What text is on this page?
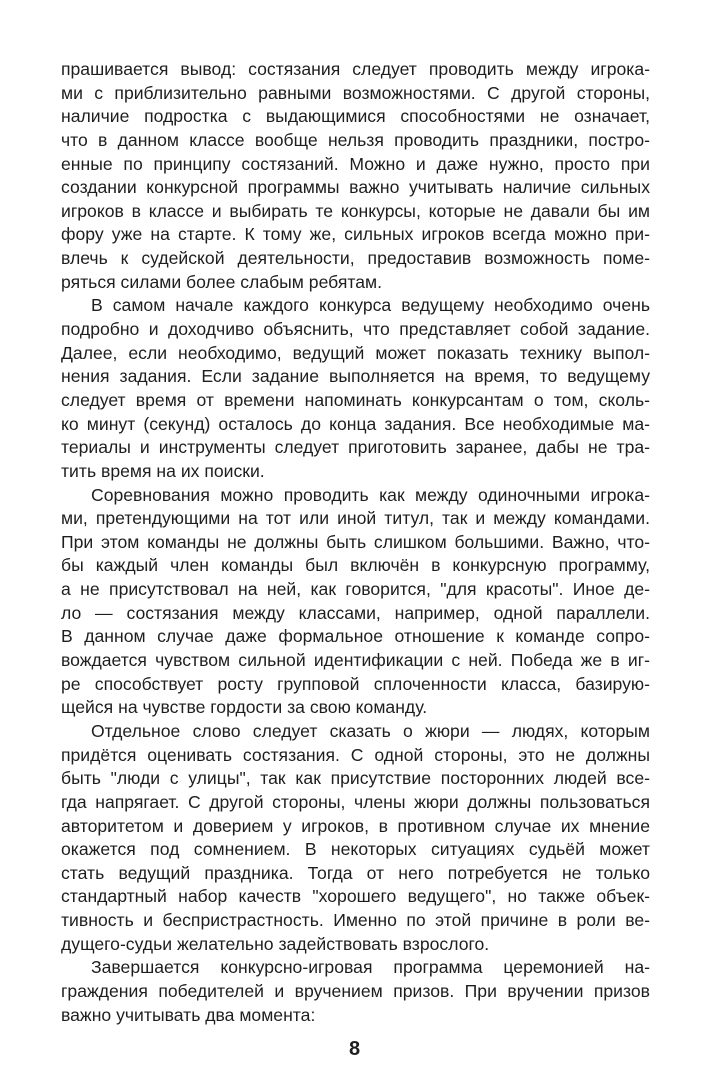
прашивается вывод: состязания следует проводить между игрока-
ми с приблизительно равными возможностями. С другой стороны,
наличие подростка с выдающимися способностями не означает,
что в данном классе вообще нельзя проводить праздники, постро-
енные по принципу состязаний. Можно и даже нужно, просто при
создании конкурсной программы важно учитывать наличие сильных
игроков в классе и выбирать те конкурсы, которые не давали бы им
фору уже на старте. К тому же, сильных игроков всегда можно при-
влечь к судейской деятельности, предоставив возможность поме-
ряться силами более слабым ребятам.
В самом начале каждого конкурса ведущему необходимо очень
подробно и доходчиво объяснить, что представляет собой задание.
Далее, если необходимо, ведущий может показать технику выпол-
нения задания. Если задание выполняется на время, то ведущему
следует время от времени напоминать конкурсантам о том, сколь-
ко минут (секунд) осталось до конца задания. Все необходимые ма-
териалы и инструменты следует приготовить заранее, дабы не тра-
тить время на их поиски.
Соревнования можно проводить как между одиночными игрока-
ми, претендующими на тот или иной титул, так и между командами.
При этом команды не должны быть слишком большими. Важно, что-
бы каждый член команды был включён в конкурсную программу,
а не присутствовал на ней, как говорится, "для красоты". Иное де-
ло — состязания между классами, например, одной параллели.
В данном случае даже формальное отношение к команде сопро-
вождается чувством сильной идентификации с ней. Победа же в иг-
ре способствует росту групповой сплоченности класса, базирую-
щейся на чувстве гордости за свою команду.
Отдельное слово следует сказать о жюри — людях, которым
придётся оценивать состязания. С одной стороны, это не должны
быть "люди с улицы", так как присутствие посторонних людей все-
гда напрягает. С другой стороны, члены жюри должны пользоваться
авторитетом и доверием у игроков, в противном случае их мнение
окажется под сомнением. В некоторых ситуациях судьёй может
стать ведущий праздника. Тогда от него потребуется не только
стандартный набор качеств "хорошего ведущего", но также объек-
тивность и беспристрастность. Именно по этой причине в роли ве-
дущего-судьи желательно задействовать взрослого.
Завершается конкурсно-игровая программа церемонией на-
граждения победителей и вручением призов. При вручении призов
важно учитывать два момента:
8
